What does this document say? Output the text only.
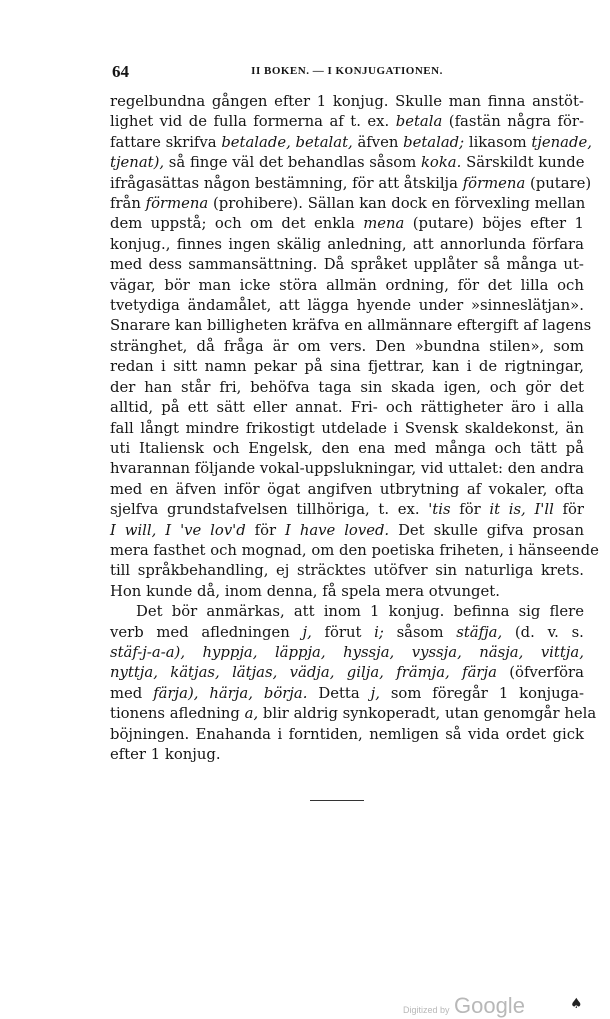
64	II BOKEN. — I KONJUGATIONEN.
regelbundna gången efter 1 konjug. Skulle man finna anstöt-
lighet vid de fulla formerna af t. ex. betala (fastän några för-
fattare skrifva betalade, betalat, äfven betalad; likasom tjenade,
tjenat), så finge väl det behandlas såsom koka. Särskildt kunde
ifrågasättas någon bestämning, för att åtskilja förmena (putare)
från förmena (prohibere). Sällan kan dock en förvexling mellan
dem uppstå; och om det enkla mena (putare) böjes efter 1
konjug., finnes ingen skälig anledning, att annorlunda förfara
med dess sammansättning. Då språket upplåter så många ut-
vägar, bör man icke störa allmän ordning, för det lilla och
tvetydiga ändamålet, att lägga hyende under »sinneslätjan».
Snarare kan billigheten kräfva en allmännare eftergift af lagens
stränghet, då fråga är om vers. Den »bundna stilen», som
redan i sitt namn pekar på sina fjettrar, kan i de rigtningar,
der han står fri, behöfva taga sin skada igen, och gör det
alltid, på ett sätt eller annat. Fri- och rättigheter äro i alla
fall långt mindre frikostigt utdelade i Svensk skaldekonst, än
uti Italiensk och Engelsk, den ena med många och tätt på
hvarannan följande vokal-uppslukningar, vid uttalet: den andra
med en äfven inför ögat angifven utbrytning af vokaler, ofta
sjelfva grundstafvelsen tillhöriga, t. ex. 'tis för it is, I'll för
I will, I 've lov'd för I have loved. Det skulle gifva prosan
mera fasthet och mognad, om den poetiska friheten, i hänseende
till språkbehandling, ej sträcktes utöfver sin naturliga krets.
Hon kunde då, inom denna, få spela mera otvunget.
Det bör anmärkas, att inom 1 konjug. befinna sig flere
verb med afledningen j, förut i; såsom stäfja, (d. v. s.
stäf-j-a-a), hyppja, läppja, hyssja, vyssja, näsja, vittja,
nyttja, kätjas, lätjas, vädja, gilja, främja, färja (öfverföra
med färja), härja, börja. Detta j, som föregår 1 konjuga-
tionens afledning a, blir aldrig synkoperadt, utan genomgår hela
böjningen. Enahanda i forntiden, nemligen så vida ordet gick
efter 1 konjug.
Digitized by Google	♠
